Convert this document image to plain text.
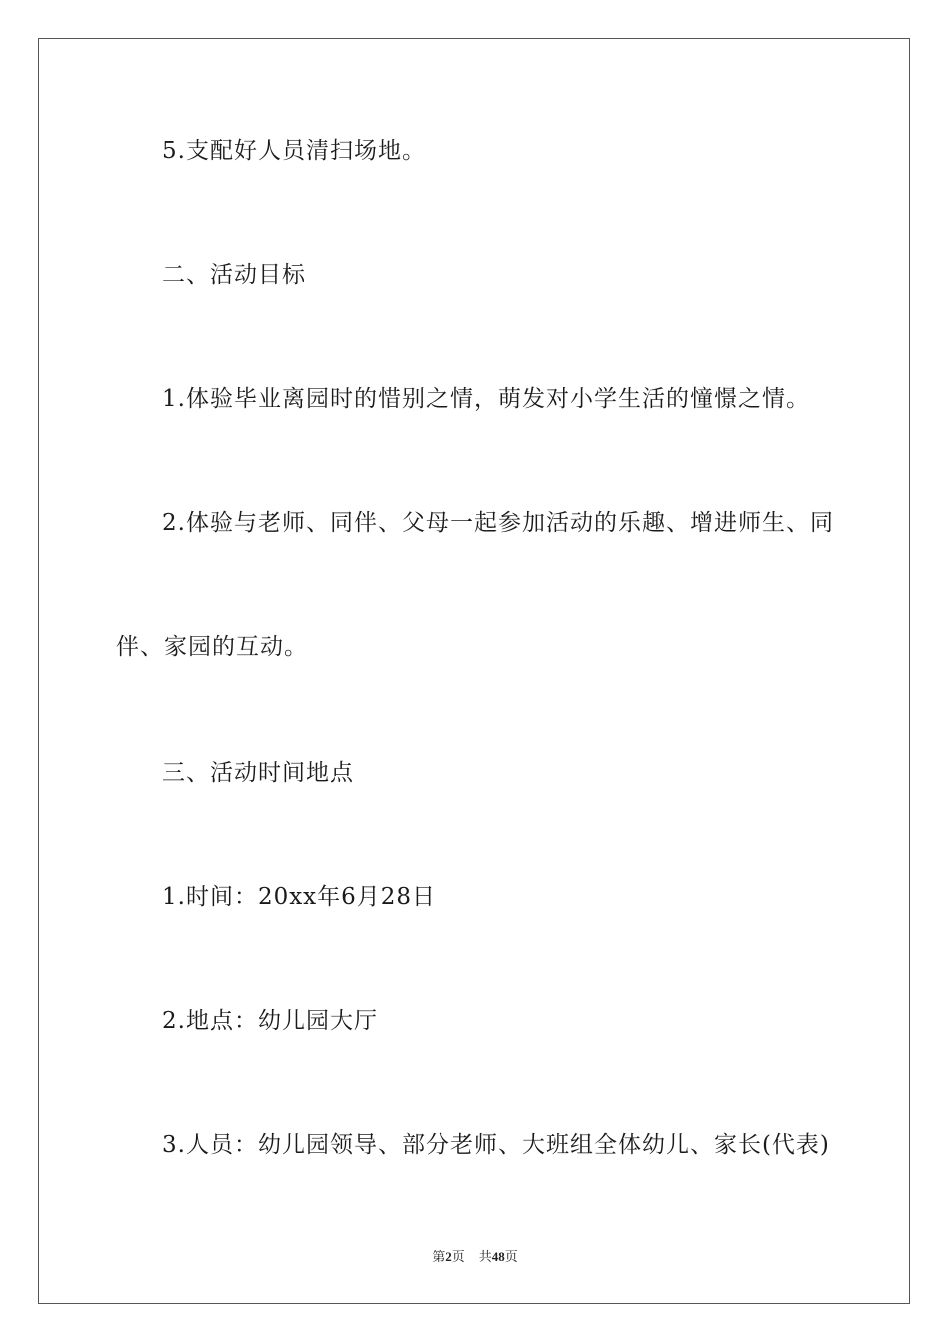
5.支配好人员清扫场地。
二、活动目标
1.体验毕业离园时的惜别之情，萌发对小学生活的憧憬之情。
2.体验与老师、同伴、父母一起参加活动的乐趣、增进师生、同
伴、家园的互动。
三、活动时间地点
1.时间：20xx年6月28日
2.地点：幼儿园大厅
3.人员：幼儿园领导、部分老师、大班组全体幼儿、家长(代表)
第2页 共48页
